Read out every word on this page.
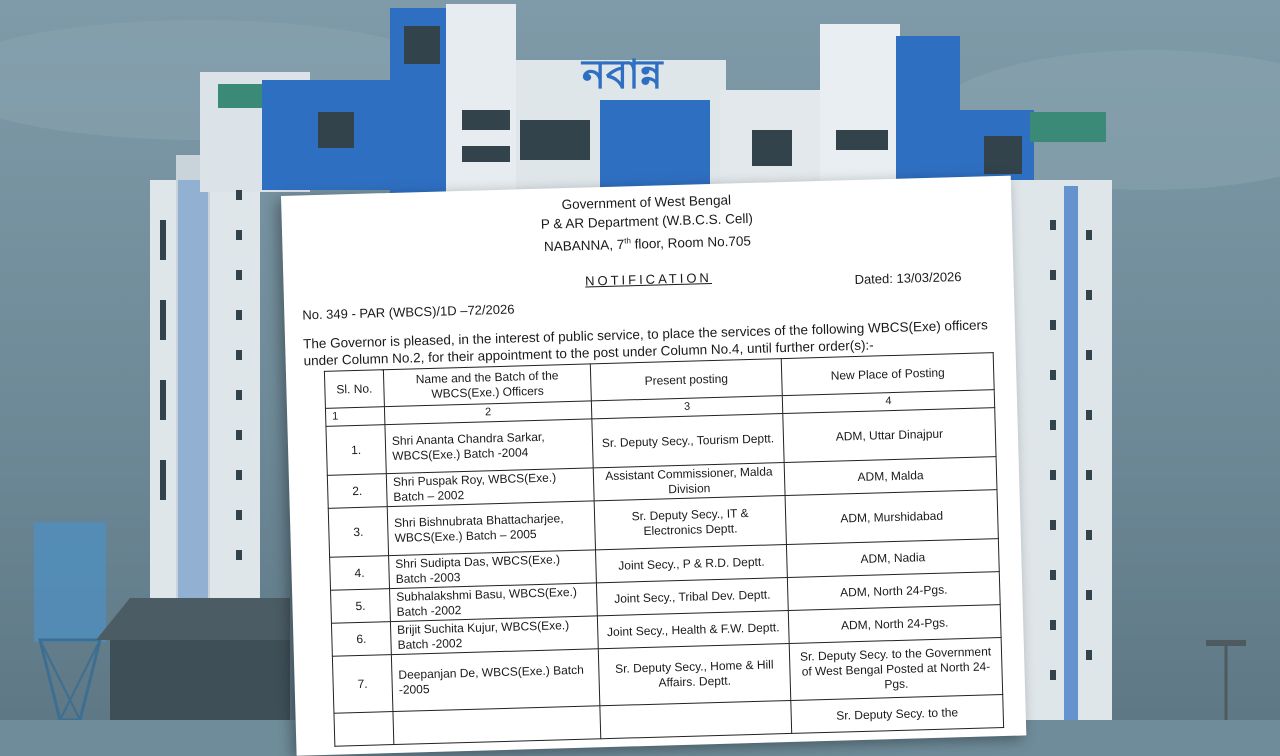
নবান্ন
Government of West Bengal
P & AR Department (W.B.C.S. Cell)
NABANNA, 7th floor, Room No.705
NOTIFICATION	Dated: 13/03/2026
No. 349 - PAR (WBCS)/1D –72/2026
The Governor is pleased, in the interest of public service, to place the services of the following WBCS(Exe) officers under Column No.2, for their appointment to the post under Column No.4, until further order(s):-
Sl. No.	Name and the Batch of the WBCS(Exe.) Officers	Present posting	New Place of Posting
1	2	3	4
1.	Shri Ananta Chandra Sarkar, WBCS(Exe.) Batch -2004	Sr. Deputy Secy., Tourism Deptt.	ADM, Uttar Dinajpur
2.	Shri Puspak Roy, WBCS(Exe.) Batch – 2002	Assistant Commissioner, Malda Division	ADM, Malda
3.	Shri Bishnubrata Bhattacharjee, WBCS(Exe.) Batch – 2005	Sr. Deputy Secy., IT & Electronics Deptt.	ADM, Murshidabad
4.	Shri Sudipta Das, WBCS(Exe.) Batch -2003	Joint Secy., P & R.D. Deptt.	ADM, Nadia
5.	Subhalakshmi Basu, WBCS(Exe.) Batch -2002	Joint Secy., Tribal Dev. Deptt.	ADM, North 24-Pgs.
6.	Brijit Suchita Kujur, WBCS(Exe.) Batch -2002	Joint Secy., Health & F.W. Deptt.	ADM, North 24-Pgs.
7.	Deepanjan De, WBCS(Exe.) Batch -2005	Sr. Deputy Secy., Home & Hill Affairs. Deptt.	Sr. Deputy Secy. to the Government of West Bengal Posted at North 24-Pgs.
			Sr. Deputy Secy. to the
